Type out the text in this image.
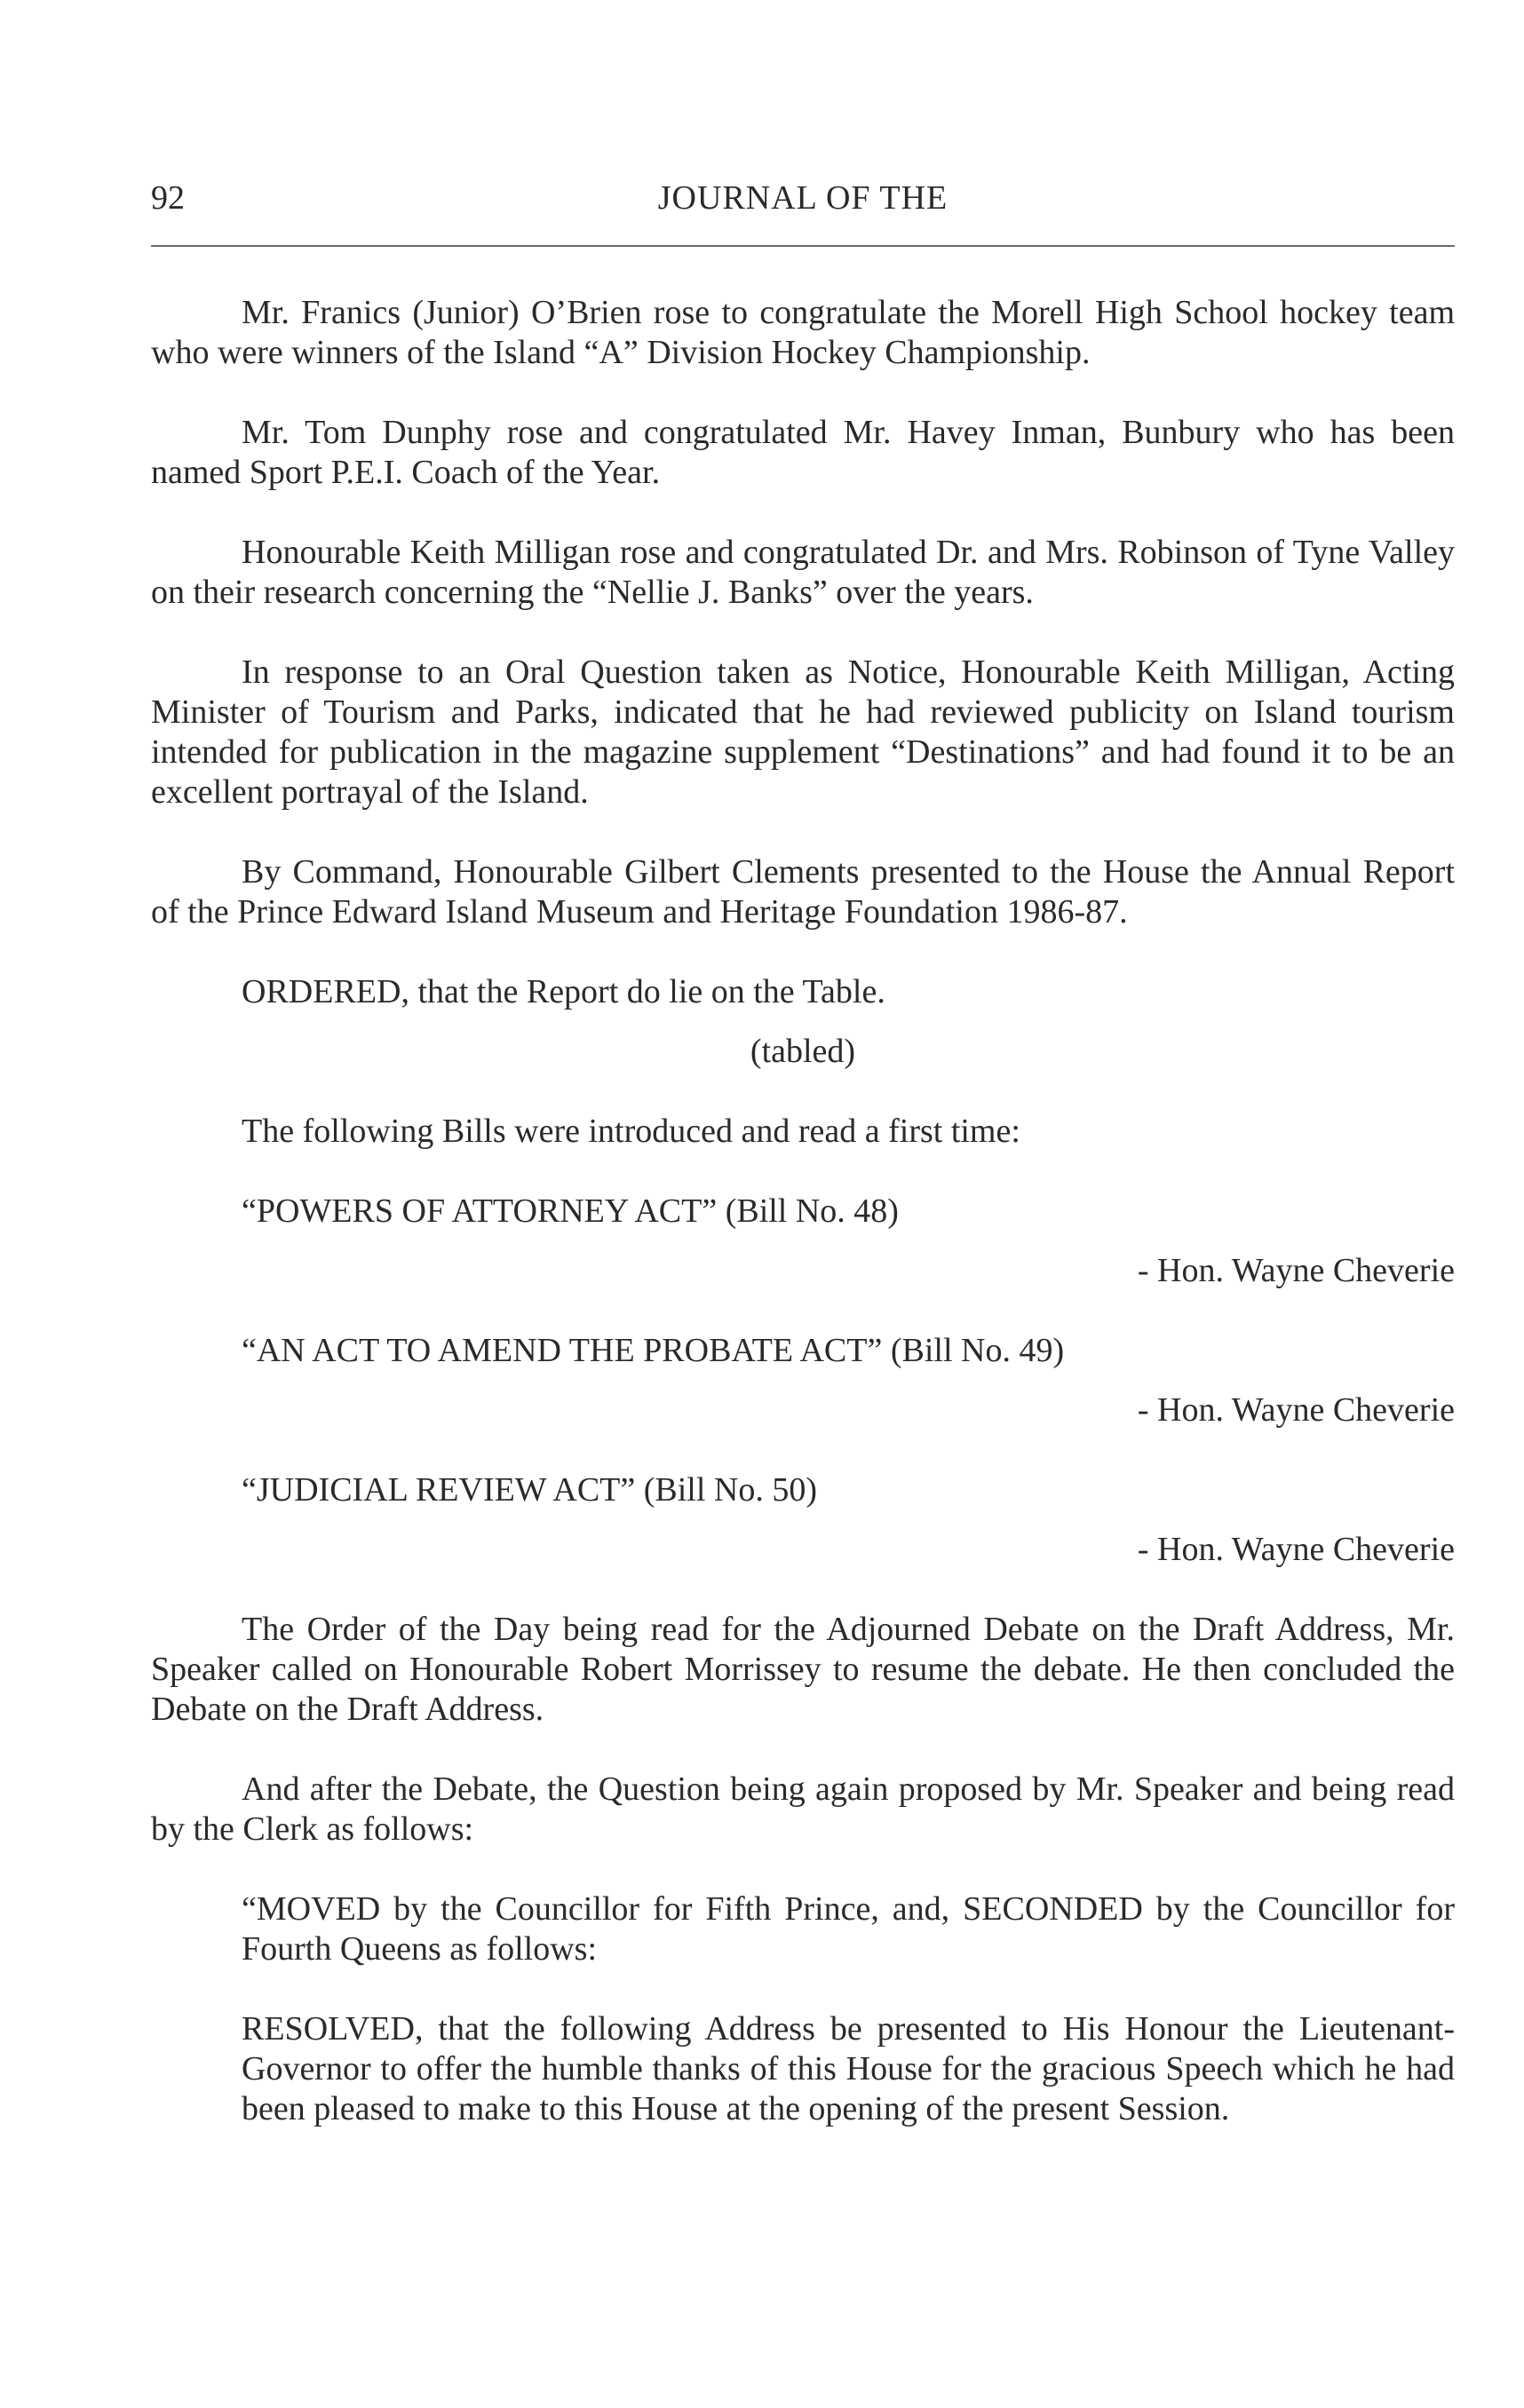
92	JOURNAL OF THE

Mr. Franics (Junior) O’Brien rose to congratulate the Morell High School hockey team who were winners of the Island “A” Division Hockey Championship.

Mr. Tom Dunphy rose and congratulated Mr. Havey Inman, Bunbury who has been named Sport P.E.I. Coach of the Year.

Honourable Keith Milligan rose and congratulated Dr. and Mrs. Robinson of Tyne Valley on their research concerning the “Nellie J. Banks” over the years.

In response to an Oral Question taken as Notice, Honourable Keith Milligan, Acting Minister of Tourism and Parks, indicated that he had reviewed publicity on Island tourism intended for publication in the magazine supplement “Destinations” and had found it to be an excellent portrayal of the Island.

By Command, Honourable Gilbert Clements presented to the House the Annual Report of the Prince Edward Island Museum and Heritage Foundation 1986-87.

ORDERED, that the Report do lie on the Table.

(tabled)

The following Bills were introduced and read a first time:

“POWERS OF ATTORNEY ACT” (Bill No. 48)

- Hon. Wayne Cheverie

“AN ACT TO AMEND THE PROBATE ACT” (Bill No. 49)

- Hon. Wayne Cheverie

“JUDICIAL REVIEW ACT” (Bill No. 50)

- Hon. Wayne Cheverie

The Order of the Day being read for the Adjourned Debate on the Draft Address, Mr. Speaker called on Honourable Robert Morrissey to resume the debate. He then concluded the Debate on the Draft Address.

And after the Debate, the Question being again proposed by Mr. Speaker and being read by the Clerk as follows:

“MOVED by the Councillor for Fifth Prince, and, SECONDED by the Councillor for Fourth Queens as follows:

RESOLVED, that the following Address be presented to His Honour the Lieutenant-Governor to offer the humble thanks of this House for the gracious Speech which he had been pleased to make to this House at the opening of the present Session.
